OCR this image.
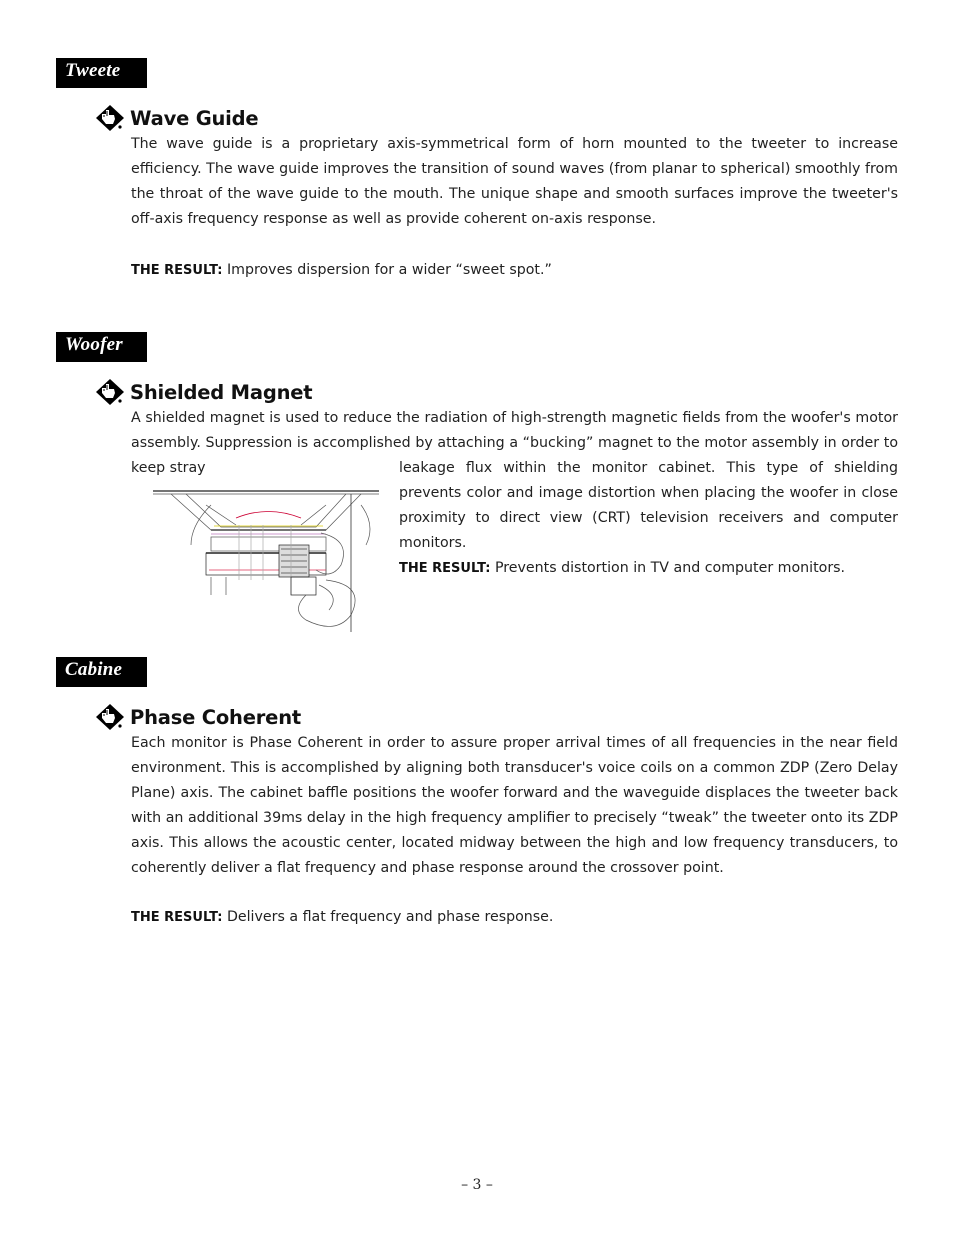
Tweete
Wave Guide

The wave guide is a proprietary axis-symmetrical form of horn mounted to the tweeter to increase efficiency. The wave guide improves the transition of sound waves (from planar to spherical) smoothly from the throat of the wave guide to the mouth. The unique shape and smooth surfaces improve the tweeter's off-axis frequency response as well as provide coherent on-axis response.

THE RESULT: Improves dispersion for a wider “sweet spot.”

Woofer
Shielded Magnet

A shielded magnet is used to reduce the radiation of high-strength magnetic fields from the woofer's motor assembly. Suppression is accomplished by attaching a “bucking” magnet to the motor assembly in order to keep stray	leakage flux within the monitor cabinet. This type of shielding prevents color and image distortion when placing the woofer in close proximity to direct view (CRT) television receivers and computer monitors.

THE RESULT: Prevents distortion in TV and computer monitors.

Cabine
Phase Coherent

Each monitor is Phase Coherent in order to assure proper arrival times of all frequencies in the near field environment. This is accomplished by aligning both transducer's voice coils on a common ZDP (Zero Delay Plane) axis. The cabinet baffle positions the woofer forward and the waveguide displaces the tweeter back with an additional 39ms delay in the high frequency amplifier to precisely “tweak” the tweeter onto its ZDP axis. This allows the acoustic center, located midway between the high and low frequency transducers, to coherently deliver a flat frequency and phase response around the crossover point.

THE RESULT: Delivers a flat frequency and phase response.

– 3 –
